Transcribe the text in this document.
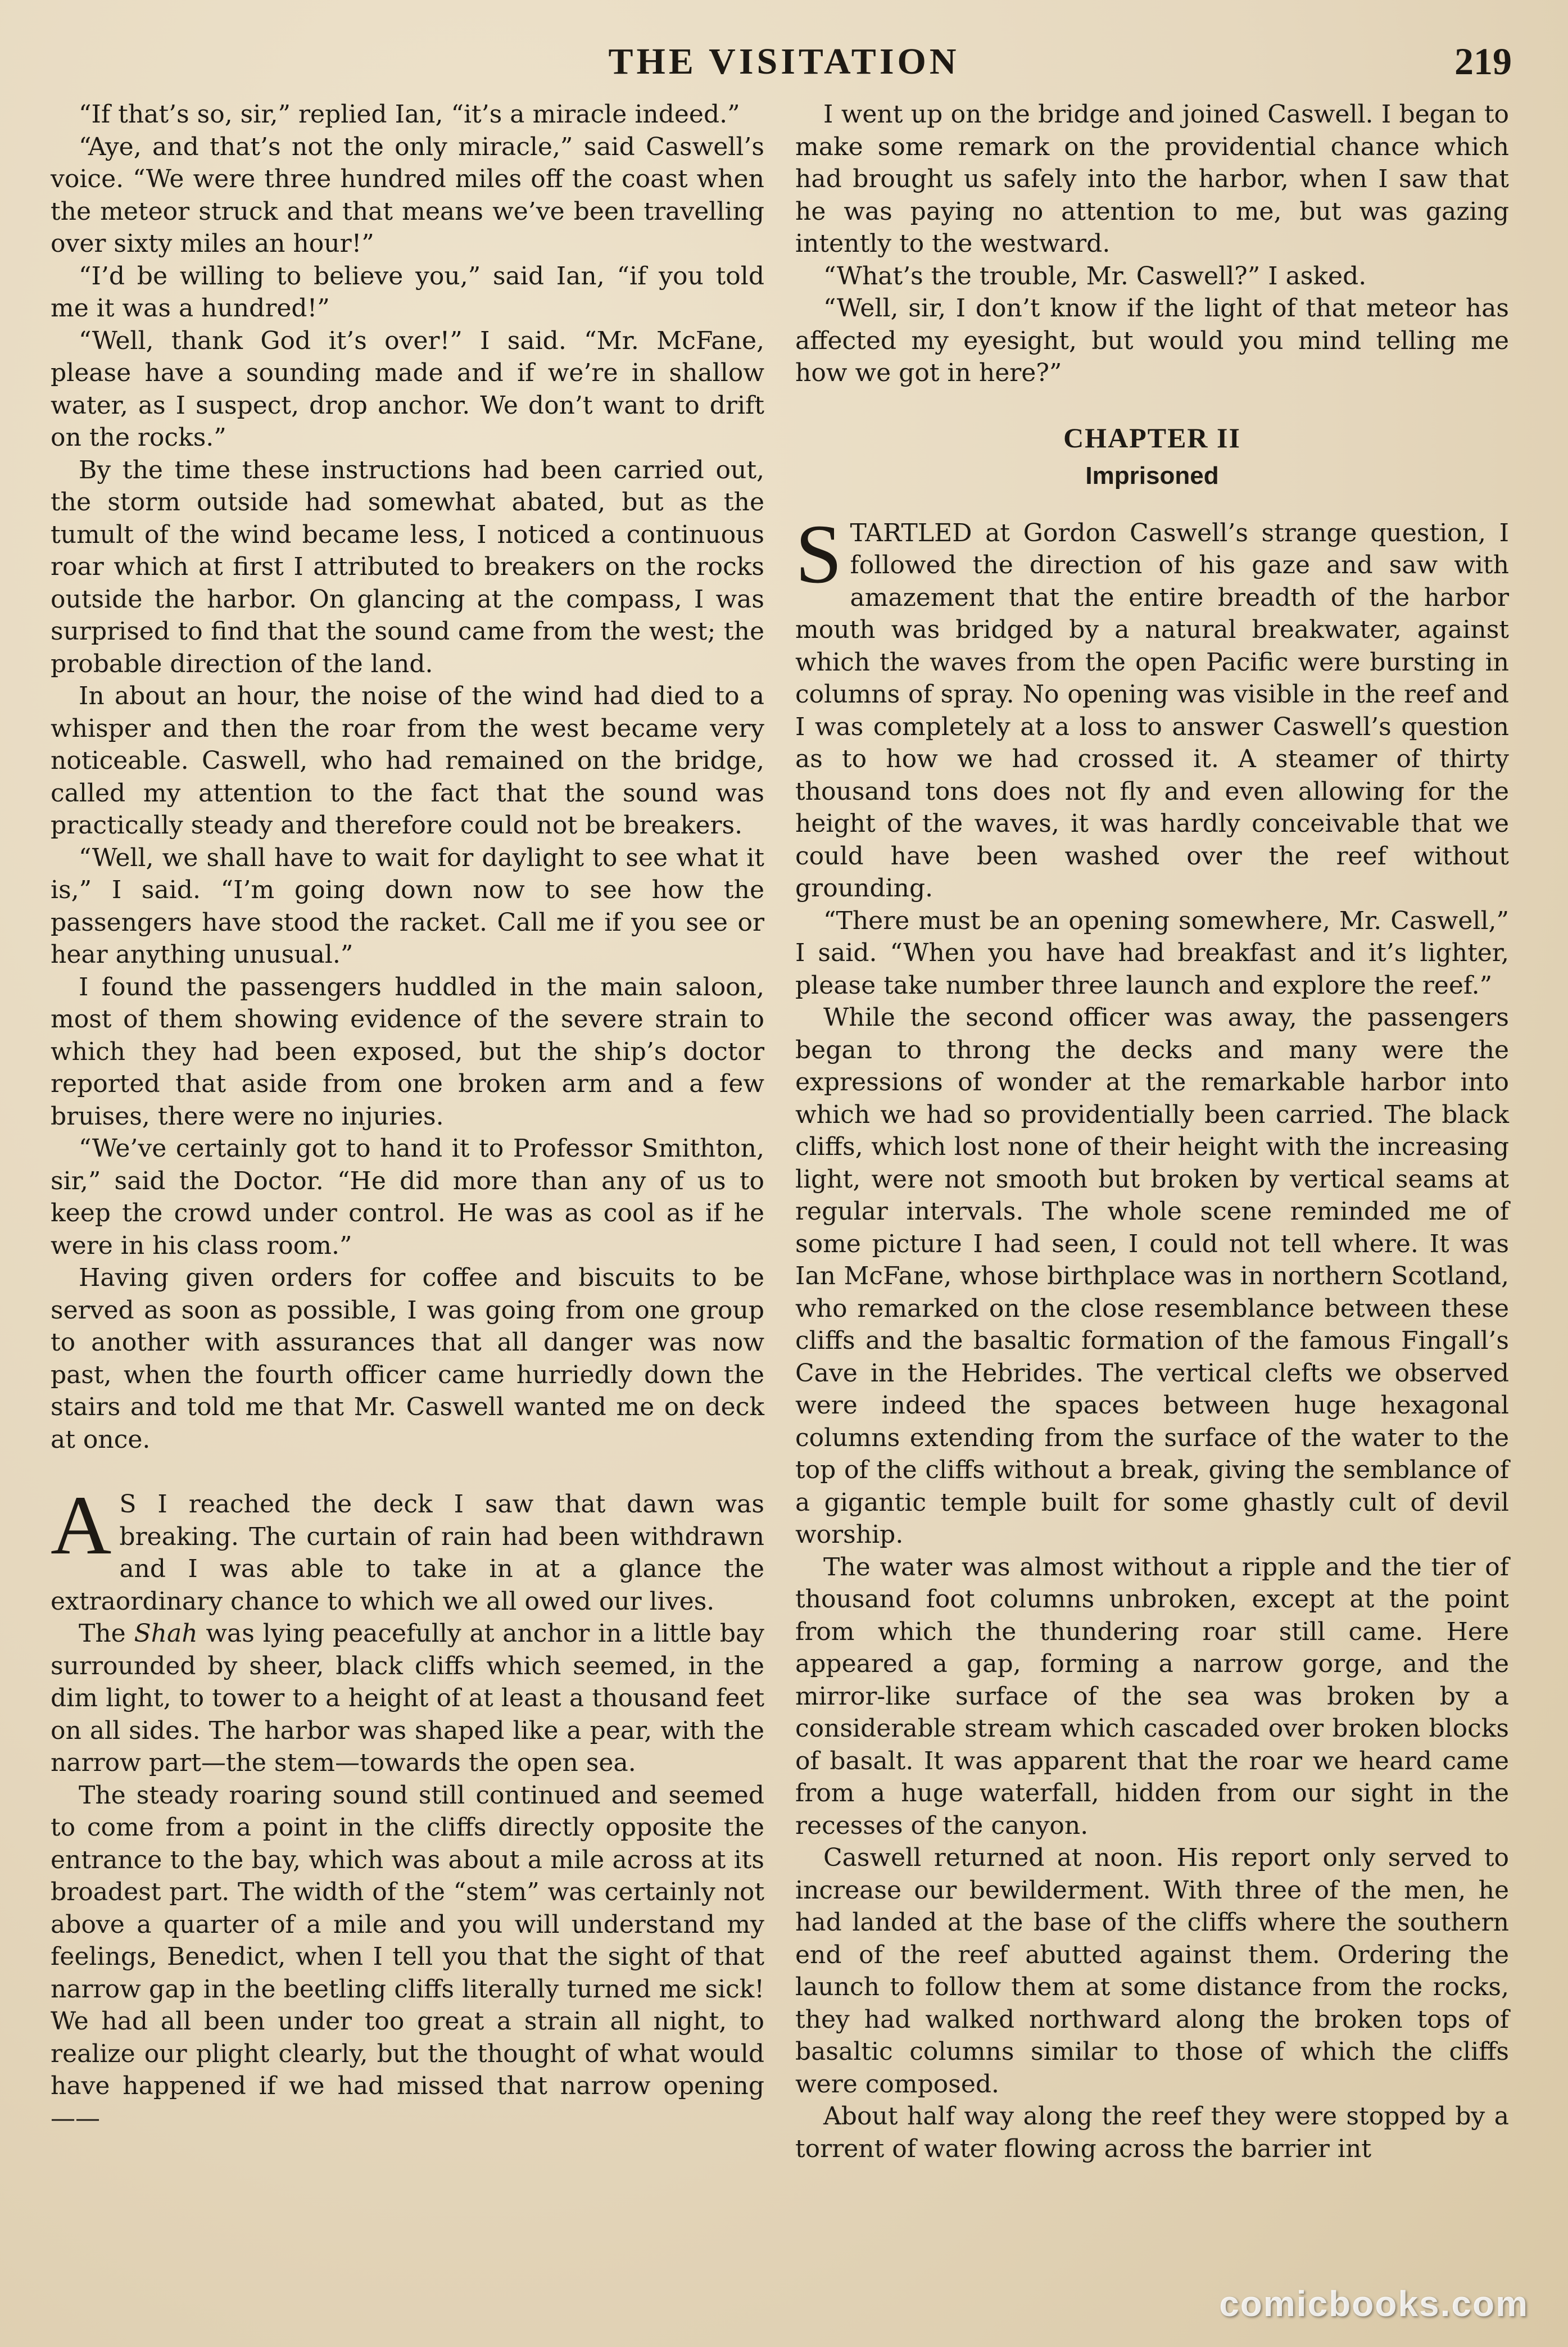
THE VISITATION	219

“If that’s so, sir,” replied Ian, “it’s a miracle indeed.”

“Aye, and that’s not the only miracle,” said Caswell’s voice. “We were three hundred miles off the coast when the meteor struck and that means we’ve been travelling over sixty miles an hour!”

“I’d be willing to believe you,” said Ian, “if you told me it was a hundred!”

“Well, thank God it’s over!” I said. “Mr. McFane, please have a sounding made and if we’re in shallow water, as I suspect, drop anchor. We don’t want to drift on the rocks.”

By the time these instructions had been carried out, the storm outside had somewhat abated, but as the tumult of the wind became less, I noticed a continuous roar which at first I attributed to breakers on the rocks outside the harbor. On glancing at the compass, I was surprised to find that the sound came from the west; the probable direction of the land.

In about an hour, the noise of the wind had died to a whisper and then the roar from the west became very noticeable. Caswell, who had remained on the bridge, called my attention to the fact that the sound was practically steady and therefore could not be breakers.

“Well, we shall have to wait for daylight to see what it is,” I said. “I’m going down now to see how the passengers have stood the racket. Call me if you see or hear anything unusual.”

I found the passengers huddled in the main saloon, most of them showing evidence of the severe strain to which they had been exposed, but the ship’s doctor reported that aside from one broken arm and a few bruises, there were no injuries.

“We’ve certainly got to hand it to Professor Smithton, sir,” said the Doctor. “He did more than any of us to keep the crowd under control. He was as cool as if he were in his class room.”

Having given orders for coffee and biscuits to be served as soon as possible, I was going from one group to another with assurances that all danger was now past, when the fourth officer came hurriedly down the stairs and told me that Mr. Caswell wanted me on deck at once.

A S I reached the deck I saw that dawn was breaking. The curtain of rain had been withdrawn and I was able to take in at a glance the extraordinary chance to which we all owed our lives.

The Shah was lying peacefully at anchor in a little bay surrounded by sheer, black cliffs which seemed, in the dim light, to tower to a height of at least a thousand feet on all sides. The harbor was shaped like a pear, with the narrow part—the stem—towards the open sea.

The steady roaring sound still continued and seemed to come from a point in the cliffs directly opposite the entrance to the bay, which was about a mile across at its broadest part. The width of the “stem” was certainly not above a quarter of a mile and you will understand my feelings, Benedict, when I tell you that the sight of that narrow gap in the beetling cliffs literally turned me sick! We had all been under too great a strain all night, to realize our plight clearly, but the thought of what would have happened if we had missed that narrow opening——

I went up on the bridge and joined Caswell. I began to make some remark on the providential chance which had brought us safely into the harbor, when I saw that he was paying no attention to me, but was gazing intently to the westward.

“What’s the trouble, Mr. Caswell?” I asked.

“Well, sir, I don’t know if the light of that meteor has affected my eyesight, but would you mind telling me how we got in here?”

CHAPTER II
Imprisoned

STARTLED at Gordon Caswell’s strange question, I followed the direction of his gaze and saw with amazement that the entire breadth of the harbor mouth was bridged by a natural breakwater, against which the waves from the open Pacific were bursting in columns of spray. No opening was visible in the reef and I was completely at a loss to answer Caswell’s question as to how we had crossed it. A steamer of thirty thousand tons does not fly and even allowing for the height of the waves, it was hardly conceivable that we could have been washed over the reef without grounding.

“There must be an opening somewhere, Mr. Caswell,” I said. “When you have had breakfast and it’s lighter, please take number three launch and explore the reef.”

While the second officer was away, the passengers began to throng the decks and many were the expressions of wonder at the remarkable harbor into which we had so providentially been carried. The black cliffs, which lost none of their height with the increasing light, were not smooth but broken by vertical seams at regular intervals. The whole scene reminded me of some picture I had seen, I could not tell where. It was Ian McFane, whose birthplace was in northern Scotland, who remarked on the close resemblance between these cliffs and the basaltic formation of the famous Fingall’s Cave in the Hebrides. The vertical clefts we observed were indeed the spaces between huge hexagonal columns extending from the surface of the water to the top of the cliffs without a break, giving the semblance of a gigantic temple built for some ghastly cult of devil worship.

The water was almost without a ripple and the tier of thousand foot columns unbroken, except at the point from which the thundering roar still came. Here appeared a gap, forming a narrow gorge, and the mirror-like surface of the sea was broken by a considerable stream which cascaded over broken blocks of basalt. It was apparent that the roar we heard came from a huge waterfall, hidden from our sight in the recesses of the canyon.

Caswell returned at noon. His report only served to increase our bewilderment. With three of the men, he had landed at the base of the cliffs where the southern end of the reef abutted against them. Ordering the launch to follow them at some distance from the rocks, they had walked northward along the broken tops of basaltic columns similar to those of which the cliffs were composed.

About half way along the reef they were stopped by a torrent of water flowing across the barrier int

comicbooks.com
